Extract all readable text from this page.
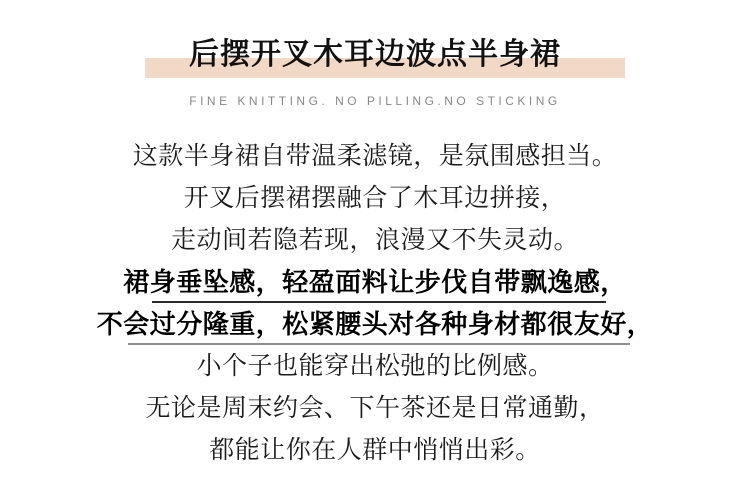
后摆开叉木耳边波点半身裙
FINE KNITTING. NO PILLING.NO STICKING

这款半身裙自带温柔滤镜，是氛围感担当。

开叉后摆裙摆融合了木耳边拼接，

走动间若隐若现，浪漫又不失灵动。

裙身垂坠感，轻盈面料让步伐自带飘逸感，

不会过分隆重，松紧腰头对各种身材都很友好，

小个子也能穿出松弛的比例感。

无论是周末约会、下午茶还是日常通勤，

都能让你在人群中悄悄出彩。
